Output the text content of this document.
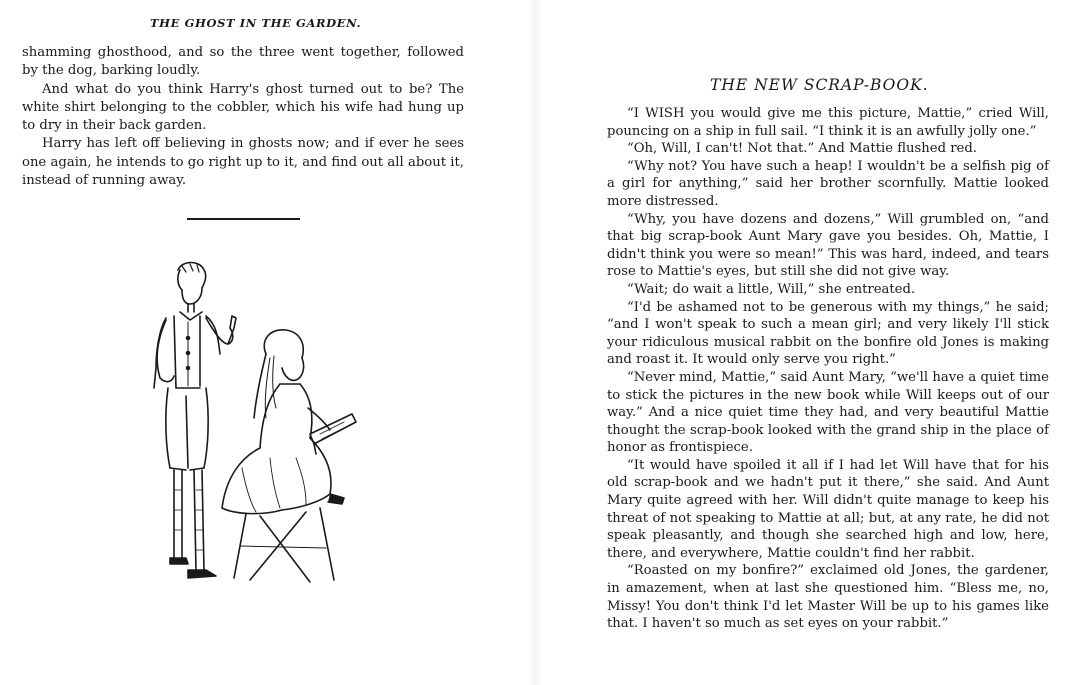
THE GHOST IN THE GARDEN.

shamming ghosthood, and so the three went together, followed by the dog, barking loudly.

And what do you think Harry's ghost turned out to be? The white shirt belonging to the cobbler, which his wife had hung up to dry in their back garden.

Harry has left off believing in ghosts now; and if ever he sees one again, he intends to go right up to it, and find out all about it, instead of running away.

THE NEW SCRAP-BOOK.

“I WISH you would give me this picture, Mattie,” cried Will, pouncing on a ship in full sail. “I think it is an awfully jolly one.”

“Oh, Will, I can't! Not that.” And Mattie flushed red.

“Why not? You have such a heap! I wouldn't be a selfish pig of a girl for anything,” said her brother scornfully. Mattie looked more distressed.

“Why, you have dozens and dozens,” Will grumbled on, “and that big scrap-book Aunt Mary gave you besides. Oh, Mattie, I didn't think you were so mean!” This was hard, indeed, and tears rose to Mattie's eyes, but still she did not give way.

“Wait; do wait a little, Will,” she entreated.

“I'd be ashamed not to be generous with my things,” he said; “and I won't speak to such a mean girl; and very likely I'll stick your ridiculous musical rabbit on the bonfire old Jones is making and roast it. It would only serve you right.”

“Never mind, Mattie,” said Aunt Mary, “we'll have a quiet time to stick the pictures in the new book while Will keeps out of our way.” And a nice quiet time they had, and very beautiful Mattie thought the scrap-book looked with the grand ship in the place of honor as frontispiece.

“It would have spoiled it all if I had let Will have that for his old scrap-book and we hadn't put it there,” she said. And Aunt Mary quite agreed with her. Will didn't quite manage to keep his threat of not speaking to Mattie at all; but, at any rate, he did not speak pleasantly, and though she searched high and low, here, there, and everywhere, Mattie couldn't find her rabbit.

“Roasted on my bonfire?” exclaimed old Jones, the gardener, in amazement, when at last she questioned him. “Bless me, no, Missy! You don't think I'd let Master Will be up to his games like that. I haven't so much as set eyes on your rabbit.”
